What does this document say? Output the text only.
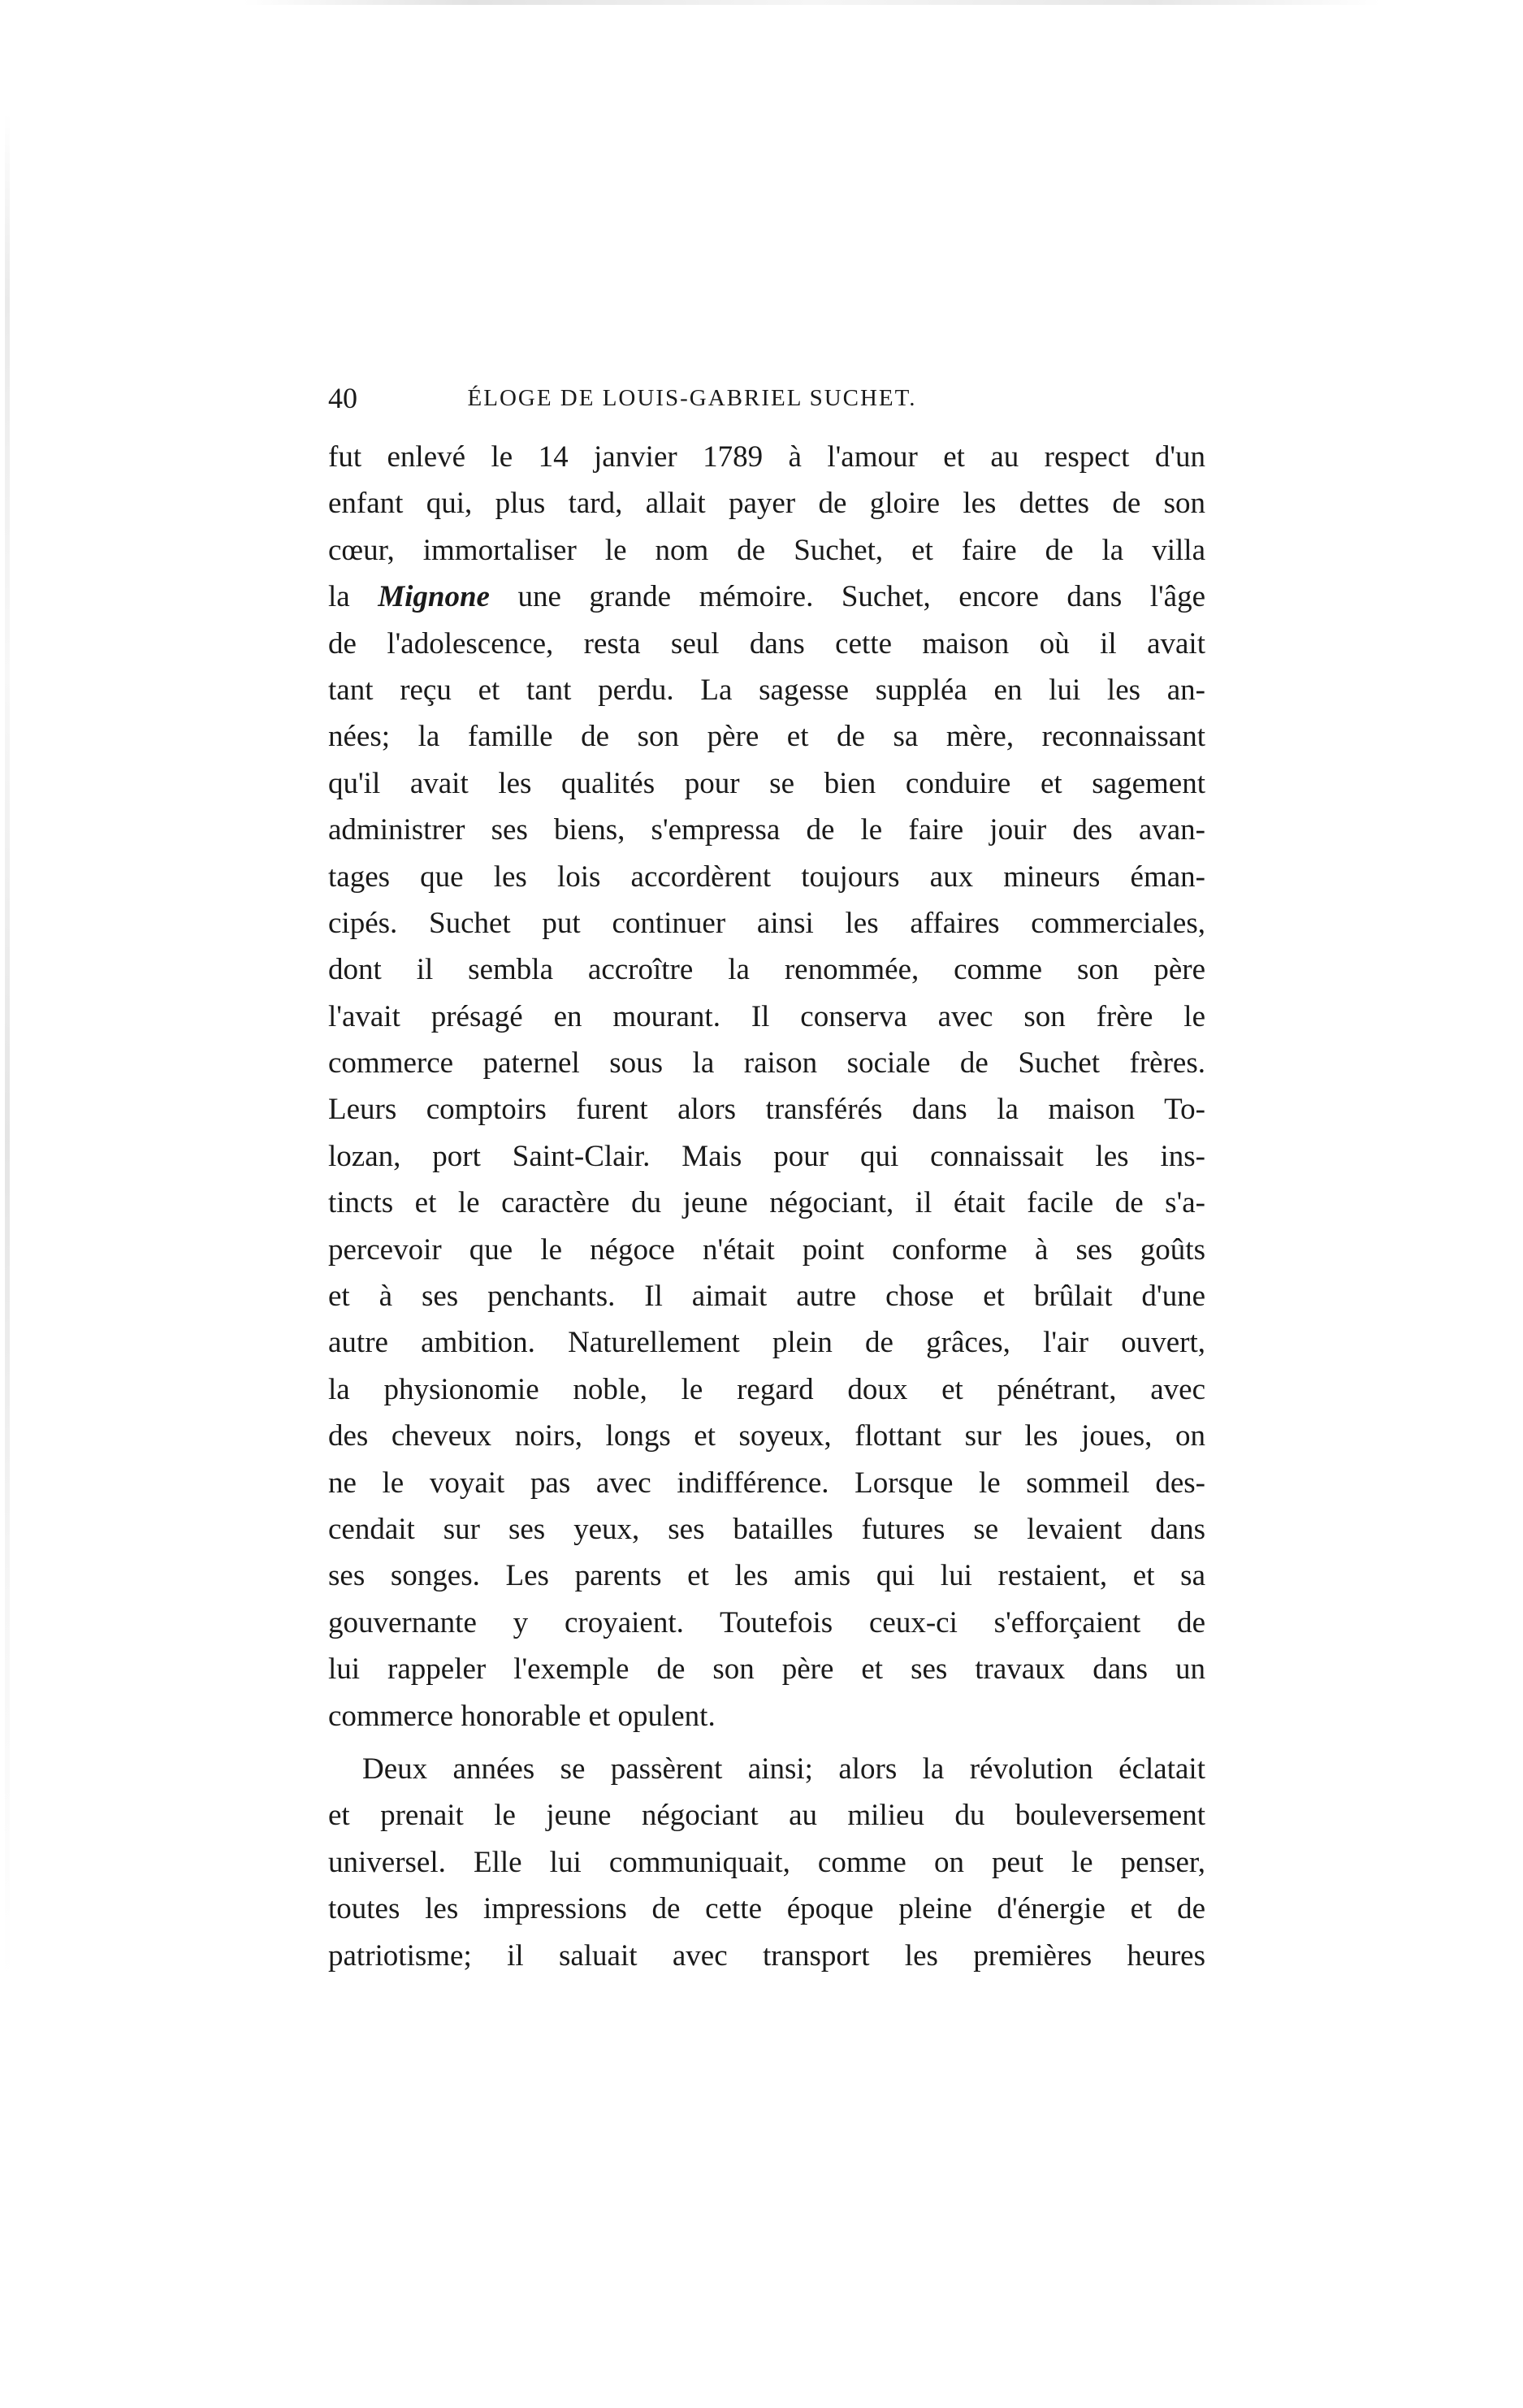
40	ÉLOGE DE LOUIS-GABRIEL SUCHET.
fut enlevé le 14 janvier 1789 à l'amour et au respect d'un
enfant qui, plus tard, allait payer de gloire les dettes de son
cœur, immortaliser le nom de Suchet, et faire de la villa
la Mignone une grande mémoire. Suchet, encore dans l'âge
de l'adolescence, resta seul dans cette maison où il avait
tant reçu et tant perdu. La sagesse suppléa en lui les an-
nées; la famille de son père et de sa mère, reconnaissant
qu'il avait les qualités pour se bien conduire et sagement
administrer ses biens, s'empressa de le faire jouir des avan-
tages que les lois accordèrent toujours aux mineurs éman-
cipés. Suchet put continuer ainsi les affaires commerciales,
dont il sembla accroître la renommée, comme son père
l'avait présagé en mourant. Il conserva avec son frère le
commerce paternel sous la raison sociale de Suchet frères.
Leurs comptoirs furent alors transférés dans la maison To-
lozan, port Saint-Clair. Mais pour qui connaissait les ins-
tincts et le caractère du jeune négociant, il était facile de s'a-
percevoir que le négoce n'était point conforme à ses goûts
et à ses penchants. Il aimait autre chose et brûlait d'une
autre ambition. Naturellement plein de grâces, l'air ouvert,
la physionomie noble, le regard doux et pénétrant, avec
des cheveux noirs, longs et soyeux, flottant sur les joues, on
ne le voyait pas avec indifférence. Lorsque le sommeil des-
cendait sur ses yeux, ses batailles futures se levaient dans
ses songes. Les parents et les amis qui lui restaient, et sa
gouvernante y croyaient. Toutefois ceux-ci s'efforçaient de
lui rappeler l'exemple de son père et ses travaux dans un
commerce honorable et opulent.
Deux années se passèrent ainsi; alors la révolution éclatait
et prenait le jeune négociant au milieu du bouleversement
universel. Elle lui communiquait, comme on peut le penser,
toutes les impressions de cette époque pleine d'énergie et de
patriotisme; il saluait avec transport les premières heures
